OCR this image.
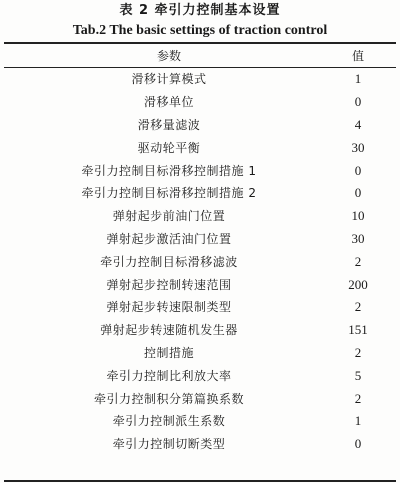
表 2 牵引力控制基本设置
Tab.2 The basic settings of traction control
参数	值
滑移计算模式	1
滑移单位	0
滑移量滤波	4
驱动轮平衡	30
牵引力控制目标滑移控制措施 1	0
牵引力控制目标滑移控制措施 2	0
弹射起步前油门位置	10
弹射起步激活油门位置	30
牵引力控制目标滑移滤波	2
弹射起步控制转速范围	200
弹射起步转速限制类型	2
弹射起步转速随机发生器	151
控制措施	2
牵引力控制比利放大率	5
牵引力控制积分第篇换系数	2
牵引力控制派生系数	1
牵引力控制切断类型	0
